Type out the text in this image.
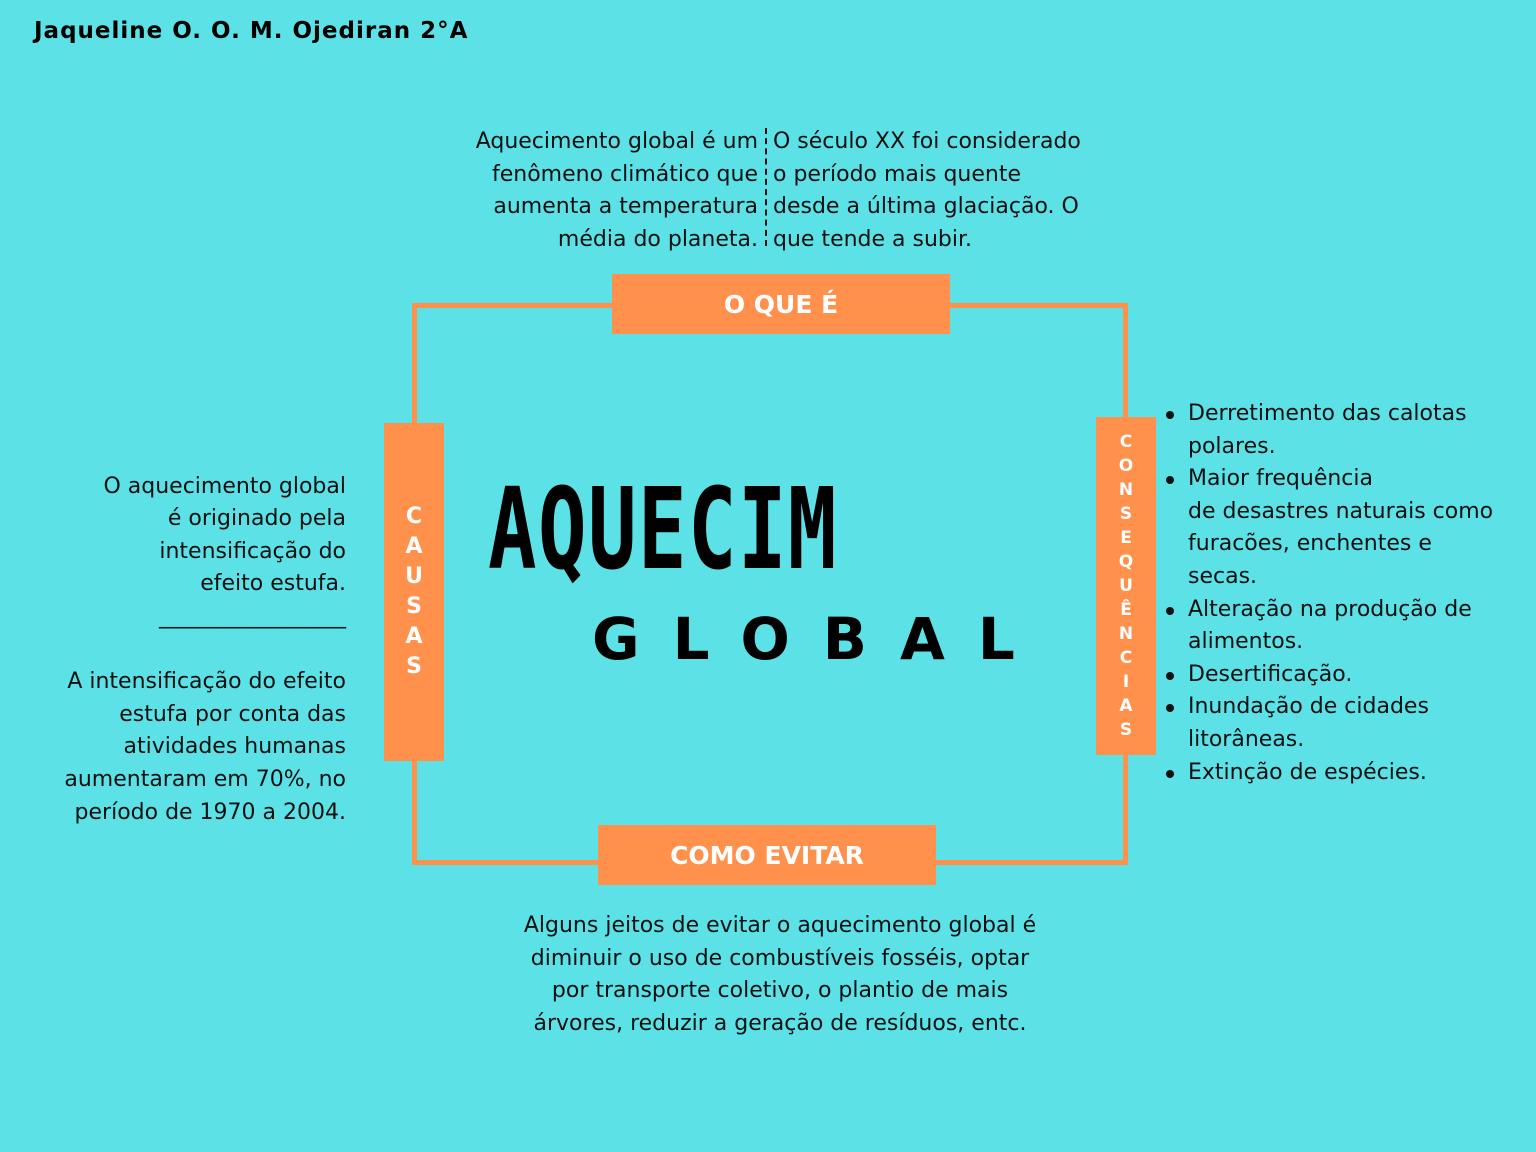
Jaqueline O. O. M. Ojediran 2°A
O QUE É
COMO EVITAR
C
A
U
S
A
S
C
O
N
S
E
Q
U
Ê
N
C
I
A
S
AQUECIM
GLOBAL

Aquecimento global é um
fenômeno climático que
aumenta a temperatura
média do planeta.

O século XX foi considerado
o período mais quente
desde a última glaciação. O
que tende a subir.

O aquecimento global
é originado pela
intensificação do
efeito estufa.

_________________

A intensificação do efeito
estufa por conta das
atividades humanas
aumentaram em 70%, no
período de 1970 a 2004.

Derretimento das calotas
polares.
Maior frequência
de desastres naturais como
furacões, enchentes e
secas.
Alteração na produção de
alimentos.
Desertificação.
Inundação de cidades
litorâneas.
Extinção de espécies.

Alguns jeitos de evitar o aquecimento global é
diminuir o uso de combustíveis fosséis, optar
por transporte coletivo, o plantio de mais
árvores, reduzir a geração de resíduos, entc.
